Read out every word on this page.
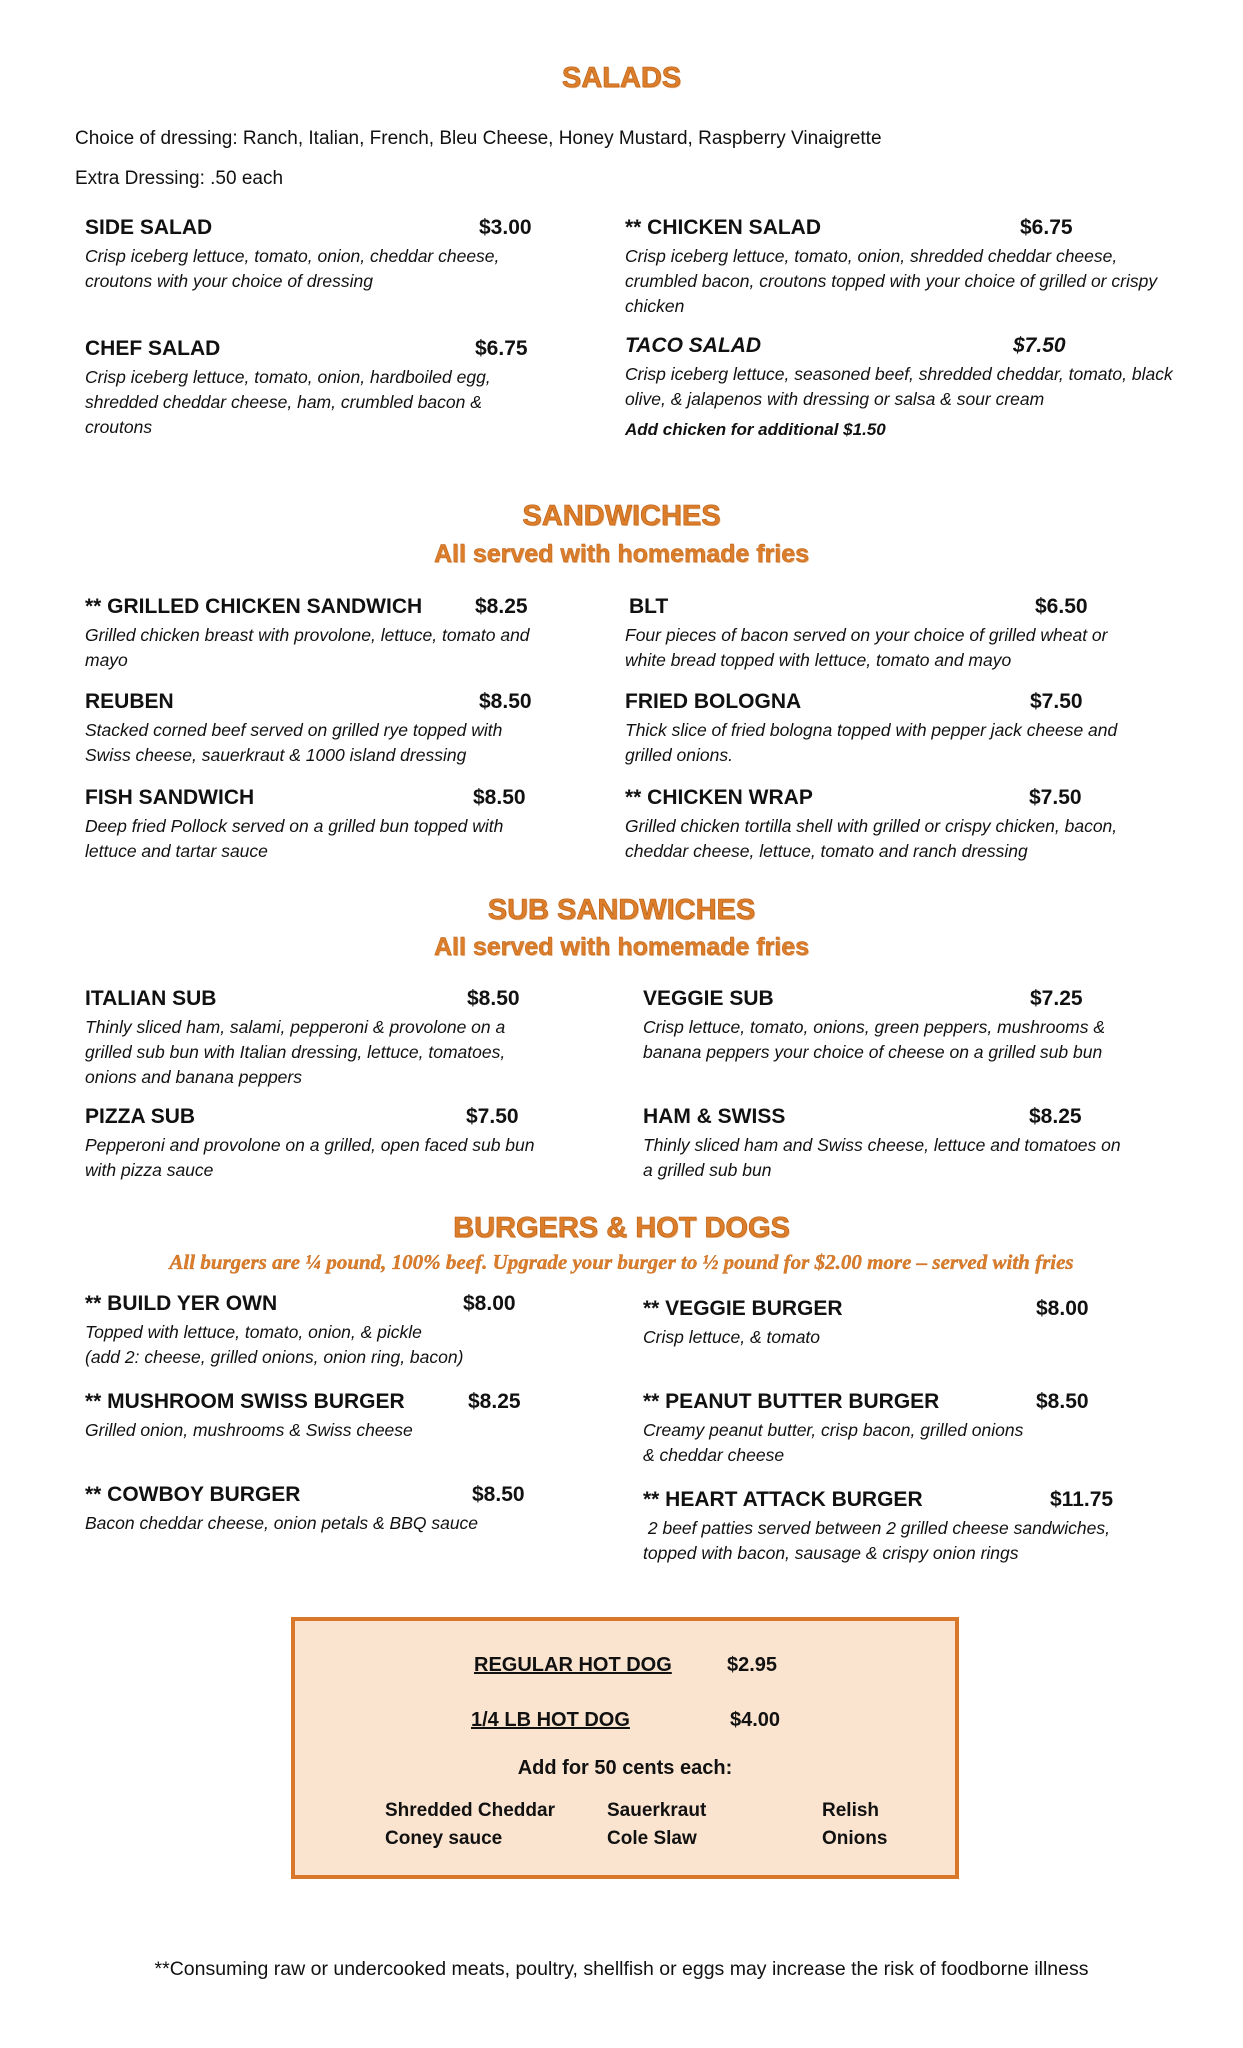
SALADS
Choice of dressing: Ranch, Italian, French, Bleu Cheese, Honey Mustard, Raspberry Vinaigrette
Extra Dressing: .50 each
SIDE SALAD	$3.00
Crisp iceberg lettuce, tomato, onion, cheddar cheese, croutons with your choice of dressing
** CHICKEN SALAD	$6.75
Crisp iceberg lettuce, tomato, onion, shredded cheddar cheese, crumbled bacon, croutons topped with your choice of grilled or crispy chicken
CHEF SALAD	$6.75
Crisp iceberg lettuce, tomato, onion, hardboiled egg, shredded cheddar cheese, ham, crumbled bacon & croutons
TACO SALAD	$7.50
Crisp iceberg lettuce, seasoned beef, shredded cheddar, tomato, black olive, & jalapenos with dressing or salsa & sour cream
Add chicken for additional $1.50
SANDWICHES
All served with homemade fries
** GRILLED CHICKEN SANDWICH	$8.25
Grilled chicken breast with provolone, lettuce, tomato and mayo
BLT	$6.50
Four pieces of bacon served on your choice of grilled wheat or white bread topped with lettuce, tomato and mayo
REUBEN	$8.50
Stacked corned beef served on grilled rye topped with Swiss cheese, sauerkraut & 1000 island dressing
FRIED BOLOGNA	$7.50
Thick slice of fried bologna topped with pepper jack cheese and grilled onions.
FISH SANDWICH	$8.50
Deep fried Pollock served on a grilled bun topped with lettuce and tartar sauce
** CHICKEN WRAP	$7.50
Grilled chicken tortilla shell with grilled or crispy chicken, bacon, cheddar cheese, lettuce, tomato and ranch dressing
SUB SANDWICHES
All served with homemade fries
ITALIAN SUB	$8.50
Thinly sliced ham, salami, pepperoni & provolone on a grilled sub bun with Italian dressing, lettuce, tomatoes, onions and banana peppers
VEGGIE SUB	$7.25
Crisp lettuce, tomato, onions, green peppers, mushrooms & banana peppers your choice of cheese on a grilled sub bun
PIZZA SUB	$7.50
Pepperoni and provolone on a grilled, open faced sub bun with pizza sauce
HAM & SWISS	$8.25
Thinly sliced ham and Swiss cheese, lettuce and tomatoes on a grilled sub bun
BURGERS & HOT DOGS
All burgers are ¼ pound, 100% beef. Upgrade your burger to ½ pound for $2.00 more – served with fries
** BUILD YER OWN	$8.00
Topped with lettuce, tomato, onion, & pickle
(add 2: cheese, grilled onions, onion ring, bacon)
** VEGGIE BURGER	$8.00
Crisp lettuce, & tomato
** MUSHROOM SWISS BURGER	$8.25
Grilled onion, mushrooms & Swiss cheese
** PEANUT BUTTER BURGER	$8.50
Creamy peanut butter, crisp bacon, grilled onions
& cheddar cheese
** COWBOY BURGER	$8.50
Bacon cheddar cheese, onion petals & BBQ sauce
** HEART ATTACK BURGER	$11.75
2 beef patties served between 2 grilled cheese sandwiches,
topped with bacon, sausage & crispy onion rings
REGULAR HOT DOG	$2.95
1/4 LB HOT DOG	$4.00
Add for 50 cents each:
Shredded Cheddar
Coney sauce
Sauerkraut
Cole Slaw
Relish
Onions
**Consuming raw or undercooked meats, poultry, shellfish or eggs may increase the risk of foodborne illness
